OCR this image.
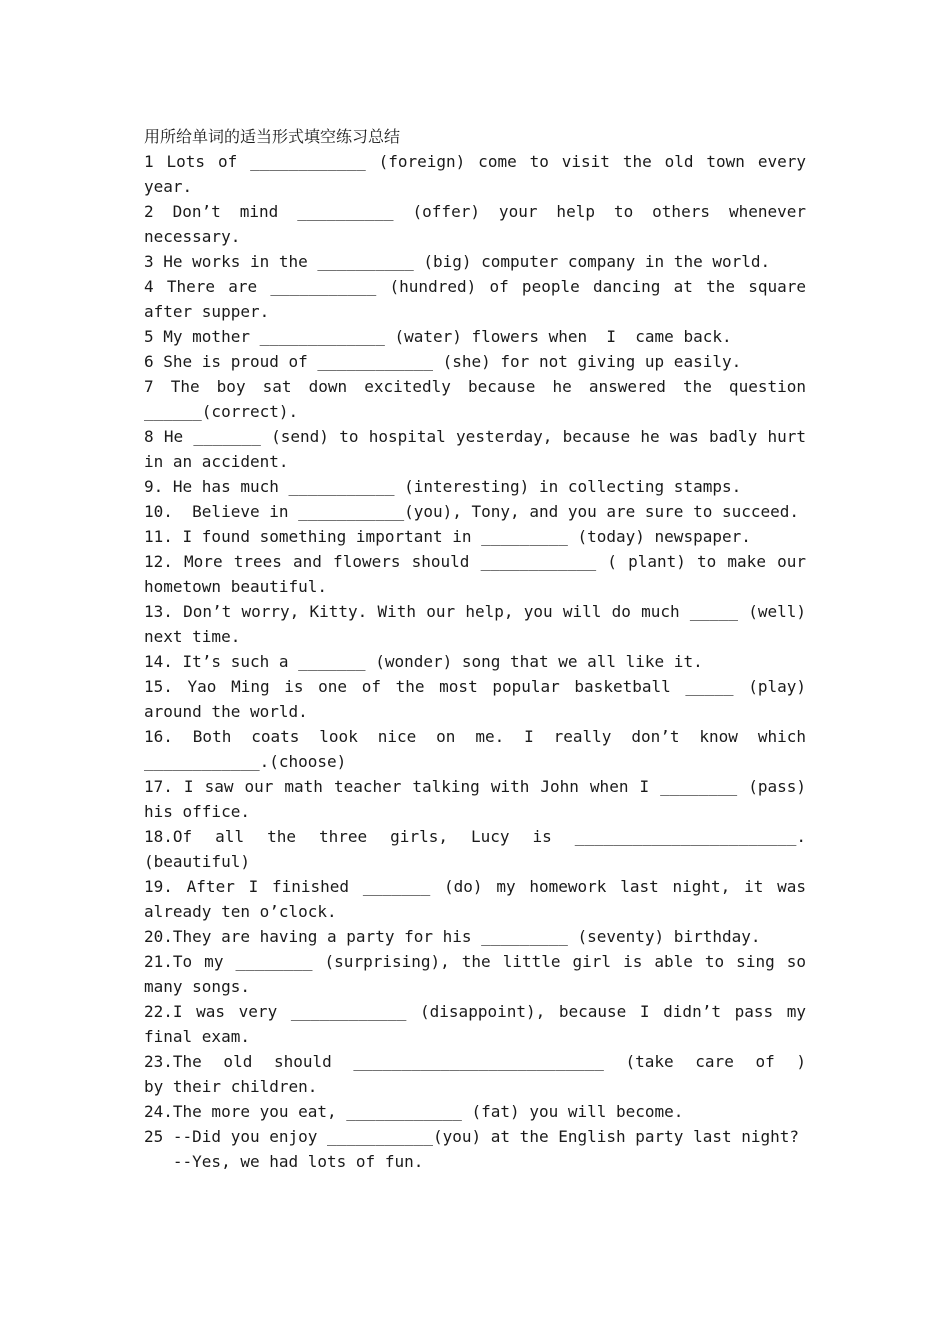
用所给单词的适当形式填空练习总结
1 Lots of ____________ (foreign) come to visit the old town every
year.
2 Don’t mind __________ (offer) your help to others whenever
necessary.
3 He works in the __________ (big) computer company in the world.
4 There are ___________ (hundred) of people dancing at the square
after supper.
5 My mother _____________ (water) flowers when  I  came back.
6 She is proud of ____________ (she) for not giving up easily.
7 The boy sat down excitedly because he answered the question
______(correct).
8 He _______ (send) to hospital yesterday, because he was badly hurt
in an accident.
9. He has much ___________ (interesting) in collecting stamps.
10.  Believe in ___________(you), Tony, and you are sure to succeed.
11. I found something important in _________ (today) newspaper.
12. More trees and flowers should ____________ ( plant) to make our
hometown beautiful.
13. Don’t worry, Kitty. With our help, you will do much _____ (well)
next time.
14. It’s such a _______ (wonder) song that we all like it.
15. Yao Ming is one of the most popular basketball _____ (play)
around the world.
16. Both coats look nice on me. I really don’t know which
____________.(choose)
17. I saw our math teacher talking with John when I ________ (pass)
his office.
18.Of all the three girls, Lucy is _______________________.
(beautiful)
19. After I finished _______ (do) my homework last night, it was
already ten o’clock.
20.They are having a party for his _________ (seventy) birthday.
21.To my ________ (surprising), the little girl is able to sing so
many songs.
22.I was very ____________ (disappoint), because I didn’t pass my
final exam.
23.The old should __________________________ (take care of )
by their children.
24.The more you eat, ____________ (fat) you will become.
25 --Did you enjoy ___________(you) at the English party last night?
--Yes, we had lots of fun.
